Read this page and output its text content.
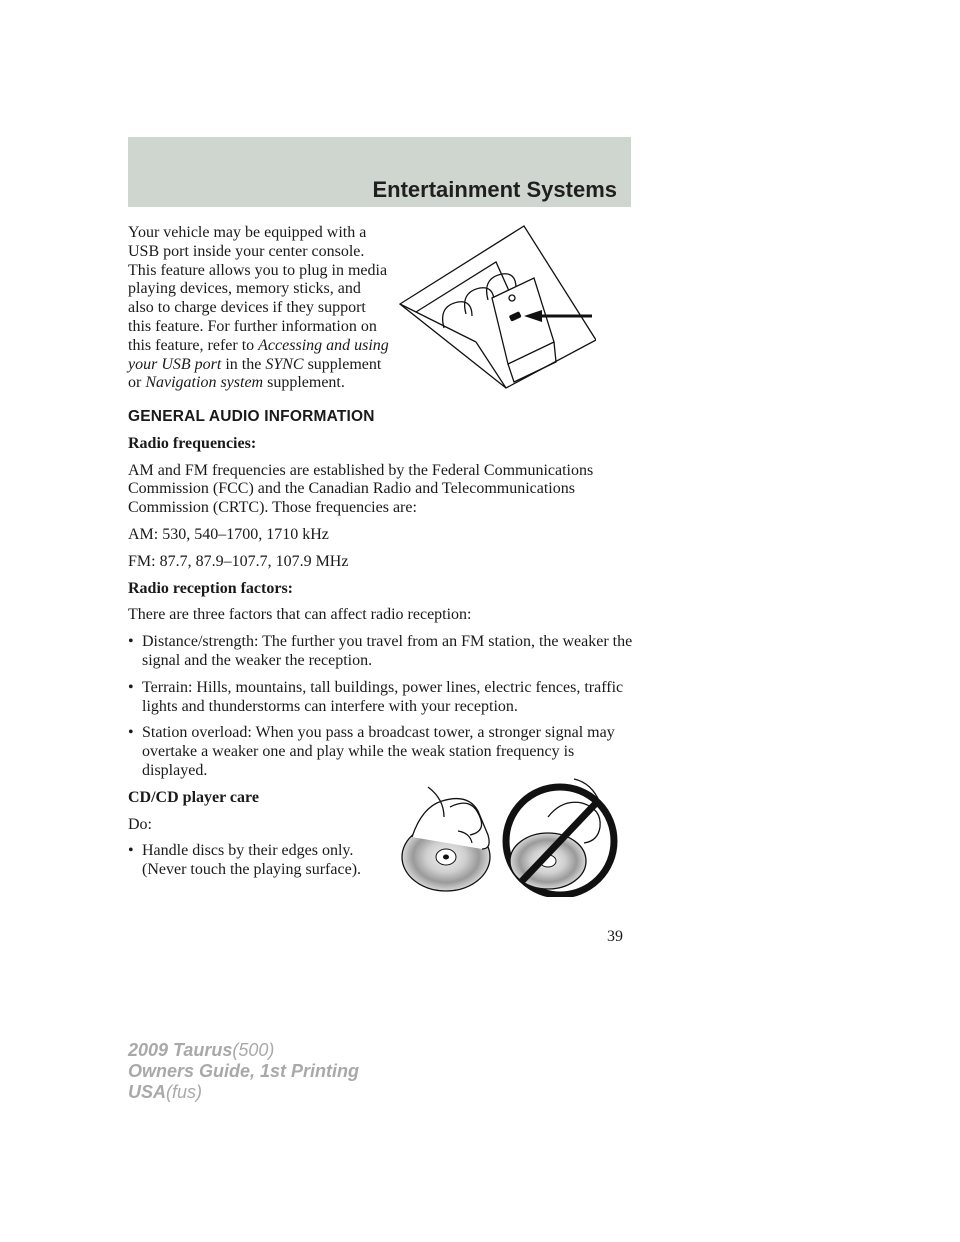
Entertainment Systems
Your vehicle may be equipped with a USB port inside your center console. This feature allows you to plug in media playing devices, memory sticks, and also to charge devices if they support this feature. For further information on this feature, refer to Accessing and using your USB port in the SYNC supplement or Navigation system supplement.
GENERAL AUDIO INFORMATION
Radio frequencies:
AM and FM frequencies are established by the Federal Communications Commission (FCC) and the Canadian Radio and Telecommunications Commission (CRTC). Those frequencies are:
AM: 530, 540–1700, 1710 kHz
FM: 87.7, 87.9–107.7, 107.9 MHz
Radio reception factors:
There are three factors that can affect radio reception:
• Distance/strength: The further you travel from an FM station, the weaker the signal and the weaker the reception.
• Terrain: Hills, mountains, tall buildings, power lines, electric fences, traffic lights and thunderstorms can interfere with your reception.
• Station overload: When you pass a broadcast tower, a stronger signal may overtake a weaker one and play while the weak station frequency is displayed.
CD/CD player care
Do:
• Handle discs by their edges only. (Never touch the playing surface).
39
2009 Taurus(500)
Owners Guide, 1st Printing
USA(fus)
